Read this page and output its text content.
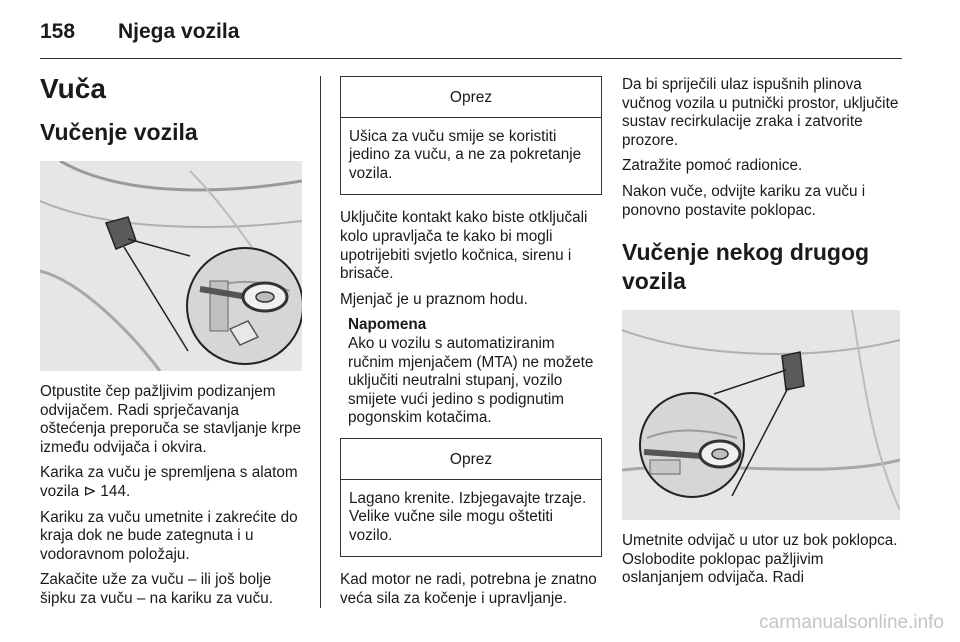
158 Njega vozila
Vuča
Vučenje vozila

Otpustite čep pažljivim podizanjem odvijačem. Radi sprječavanja oštećenja preporuča se stavljanje krpe između odvijača i okvira.

Karika za vuču je spremljena s alatom vozila ⊳ 144.

Kariku za vuču umetnite i zakrećite do kraja dok ne bude zategnuta i u vodoravnom položaju.

Zakačite uže za vuču – ili još bolje šipku za vuču – na kariku za vuču.

Oprez
Ušica za vuču smije se koristiti jedino za vuču, a ne za pokretanje vozila.

Uključite kontakt kako biste otključali kolo upravljača te kako bi mogli upotrijebiti svjetlo kočnica, sirenu i brisače.

Mjenjač je u praznom hodu.

Napomena
Ako u vozilu s automatiziranim ručnim mjenjačem (MTA) ne možete uključiti neutralni stupanj, vozilo smijete vući jedino s podignutim pogonskim kotačima.
Oprez
Lagano krenite. Izbjegavajte trzaje. Velike vučne sile mogu oštetiti vozilo.

Kad motor ne radi, potrebna je znatno veća sila za kočenje i upravljanje.

Da bi spriječili ulaz ispušnih plinova vučnog vozila u putnički prostor, uključite sustav recirkulacije zraka i zatvorite prozore.

Zatražite pomoć radionice.

Nakon vuče, odvijte kariku za vuču i ponovno postavite poklopac.

Vučenje nekog drugog vozila

Umetnite odvijač u utor uz bok poklopca. Oslobodite poklopac pažljivim oslanjanjem odvijača. Radi

carmanualsonline.info
